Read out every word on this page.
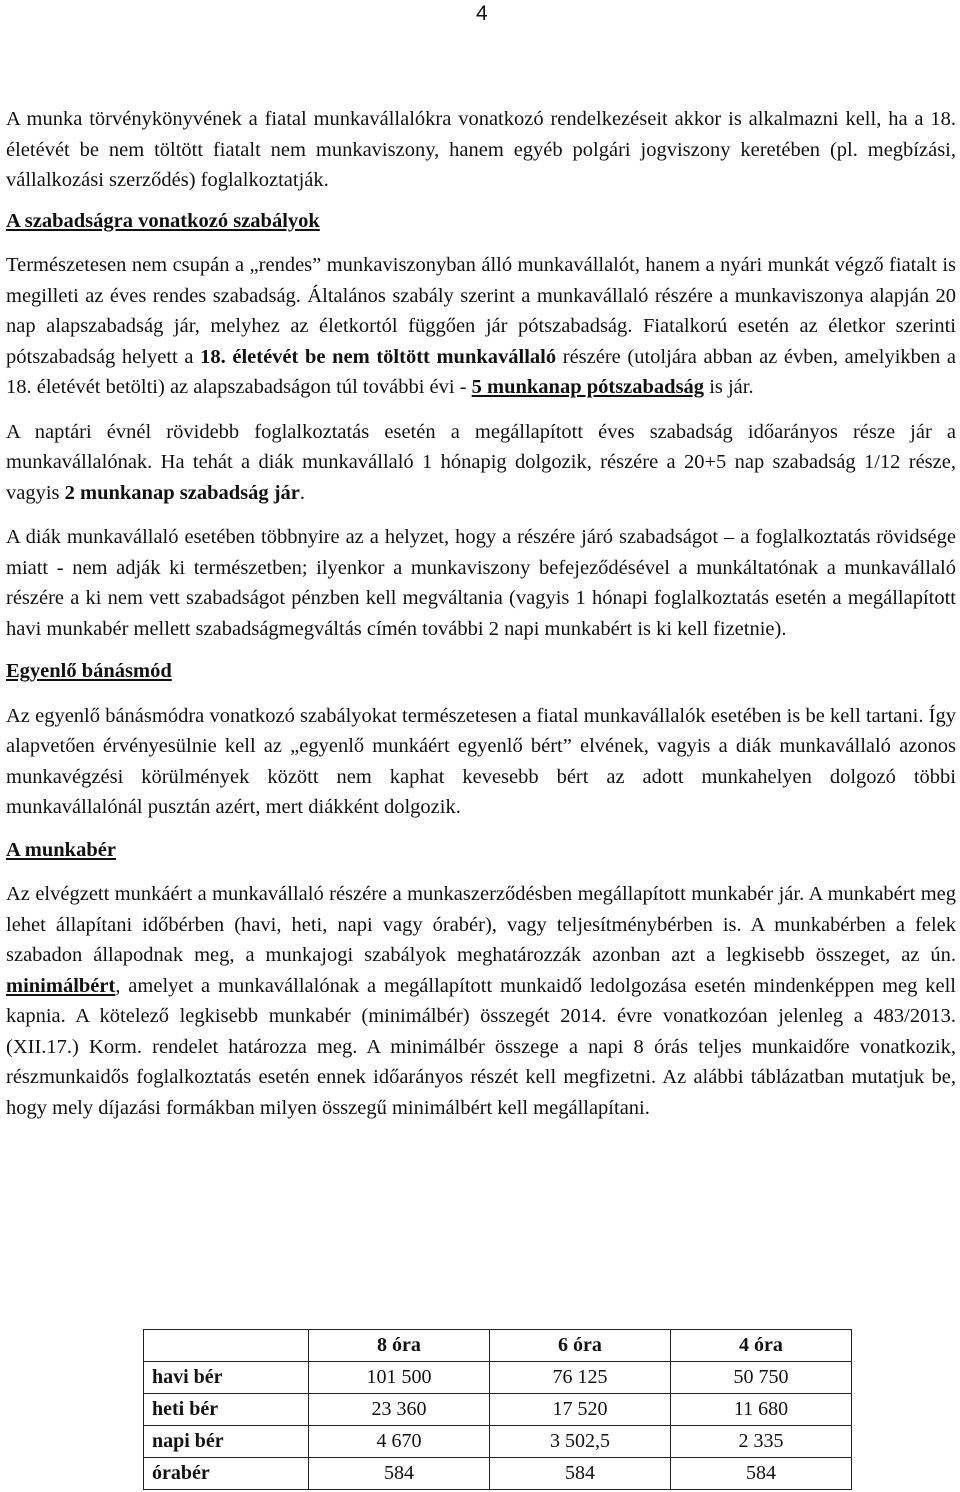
4

A munka törvénykönyvének a fiatal munkavállalókra vonatkozó rendelkezéseit akkor is alkalmazni kell, ha a 18. életévét be nem töltött fiatalt nem munkaviszony, hanem egyéb polgári jogviszony keretében (pl. megbízási, vállalkozási szerződés) foglalkoztatják.

A szabadságra vonatkozó szabályok

Természetesen nem csupán a „rendes” munkaviszonyban álló munkavállalót, hanem a nyári munkát végző fiatalt is megilleti az éves rendes szabadság. Általános szabály szerint a munkavállaló részére a munkaviszonya alapján 20 nap alapszabadság jár, melyhez az életkortól függően jár pótszabadság. Fiatalkorú esetén az életkor szerinti pótszabadság helyett a 18. életévét be nem töltött munkavállaló részére (utoljára abban az évben, amelyikben a 18. életévét betölti) az alapszabadságon túl további évi - 5 munkanap pótszabadság is jár.

A naptári évnél rövidebb foglalkoztatás esetén a megállapított éves szabadság időarányos része jár a munkavállalónak. Ha tehát a diák munkavállaló 1 hónapig dolgozik, részére a 20+5 nap szabadság 1/12 része, vagyis 2 munkanap szabadság jár.

A diák munkavállaló esetében többnyire az a helyzet, hogy a részére járó szabadságot – a foglalkoztatás rövidsége miatt - nem adják ki természetben; ilyenkor a munkaviszony befejeződésével a munkáltatónak a munkavállaló részére a ki nem vett szabadságot pénzben kell megváltania (vagyis 1 hónapi foglalkoztatás esetén a megállapított havi munkabér mellett szabadságmegváltás címén további 2 napi munkabért is ki kell fizetnie).

Egyenlő bánásmód

Az egyenlő bánásmódra vonatkozó szabályokat természetesen a fiatal munkavállalók esetében is be kell tartani. Így alapvetően érvényesülnie kell az „egyenlő munkáért egyenlő bért” elvének, vagyis a diák munkavállaló azonos munkavégzési körülmények között nem kaphat kevesebb bért az adott munkahelyen dolgozó többi munkavállalónál pusztán azért, mert diákként dolgozik.

A munkabér

Az elvégzett munkáért a munkavállaló részére a munkaszerződésben megállapított munkabér jár. A munkabért meg lehet állapítani időbérben (havi, heti, napi vagy órabér), vagy teljesítménybérben is. A munkabérben a felek szabadon állapodnak meg, a munkajogi szabályok meghatározzák azonban azt a legkisebb összeget, az ún. minimálbért, amelyet a munkavállalónak a megállapított munkaidő ledolgozása esetén mindenképpen meg kell kapnia. A kötelező legkisebb munkabér (minimálbér) összegét 2014. évre vonatkozóan jelenleg a 483/2013. (XII.17.) Korm. rendelet határozza meg. A minimálbér összege a napi 8 órás teljes munkaidőre vonatkozik, részmunkaidős foglalkoztatás esetén ennek időarányos részét kell megfizetni. Az alábbi táblázatban mutatjuk be, hogy mely díjazási formákban milyen összegű minimálbért kell megállapítani.

	8 óra	6 óra	4 óra
havi bér	101 500	76 125	50 750
heti bér	23 360	17 520	11 680
napi bér	4 670	3 502,5	2 335
órabér	584	584	584
